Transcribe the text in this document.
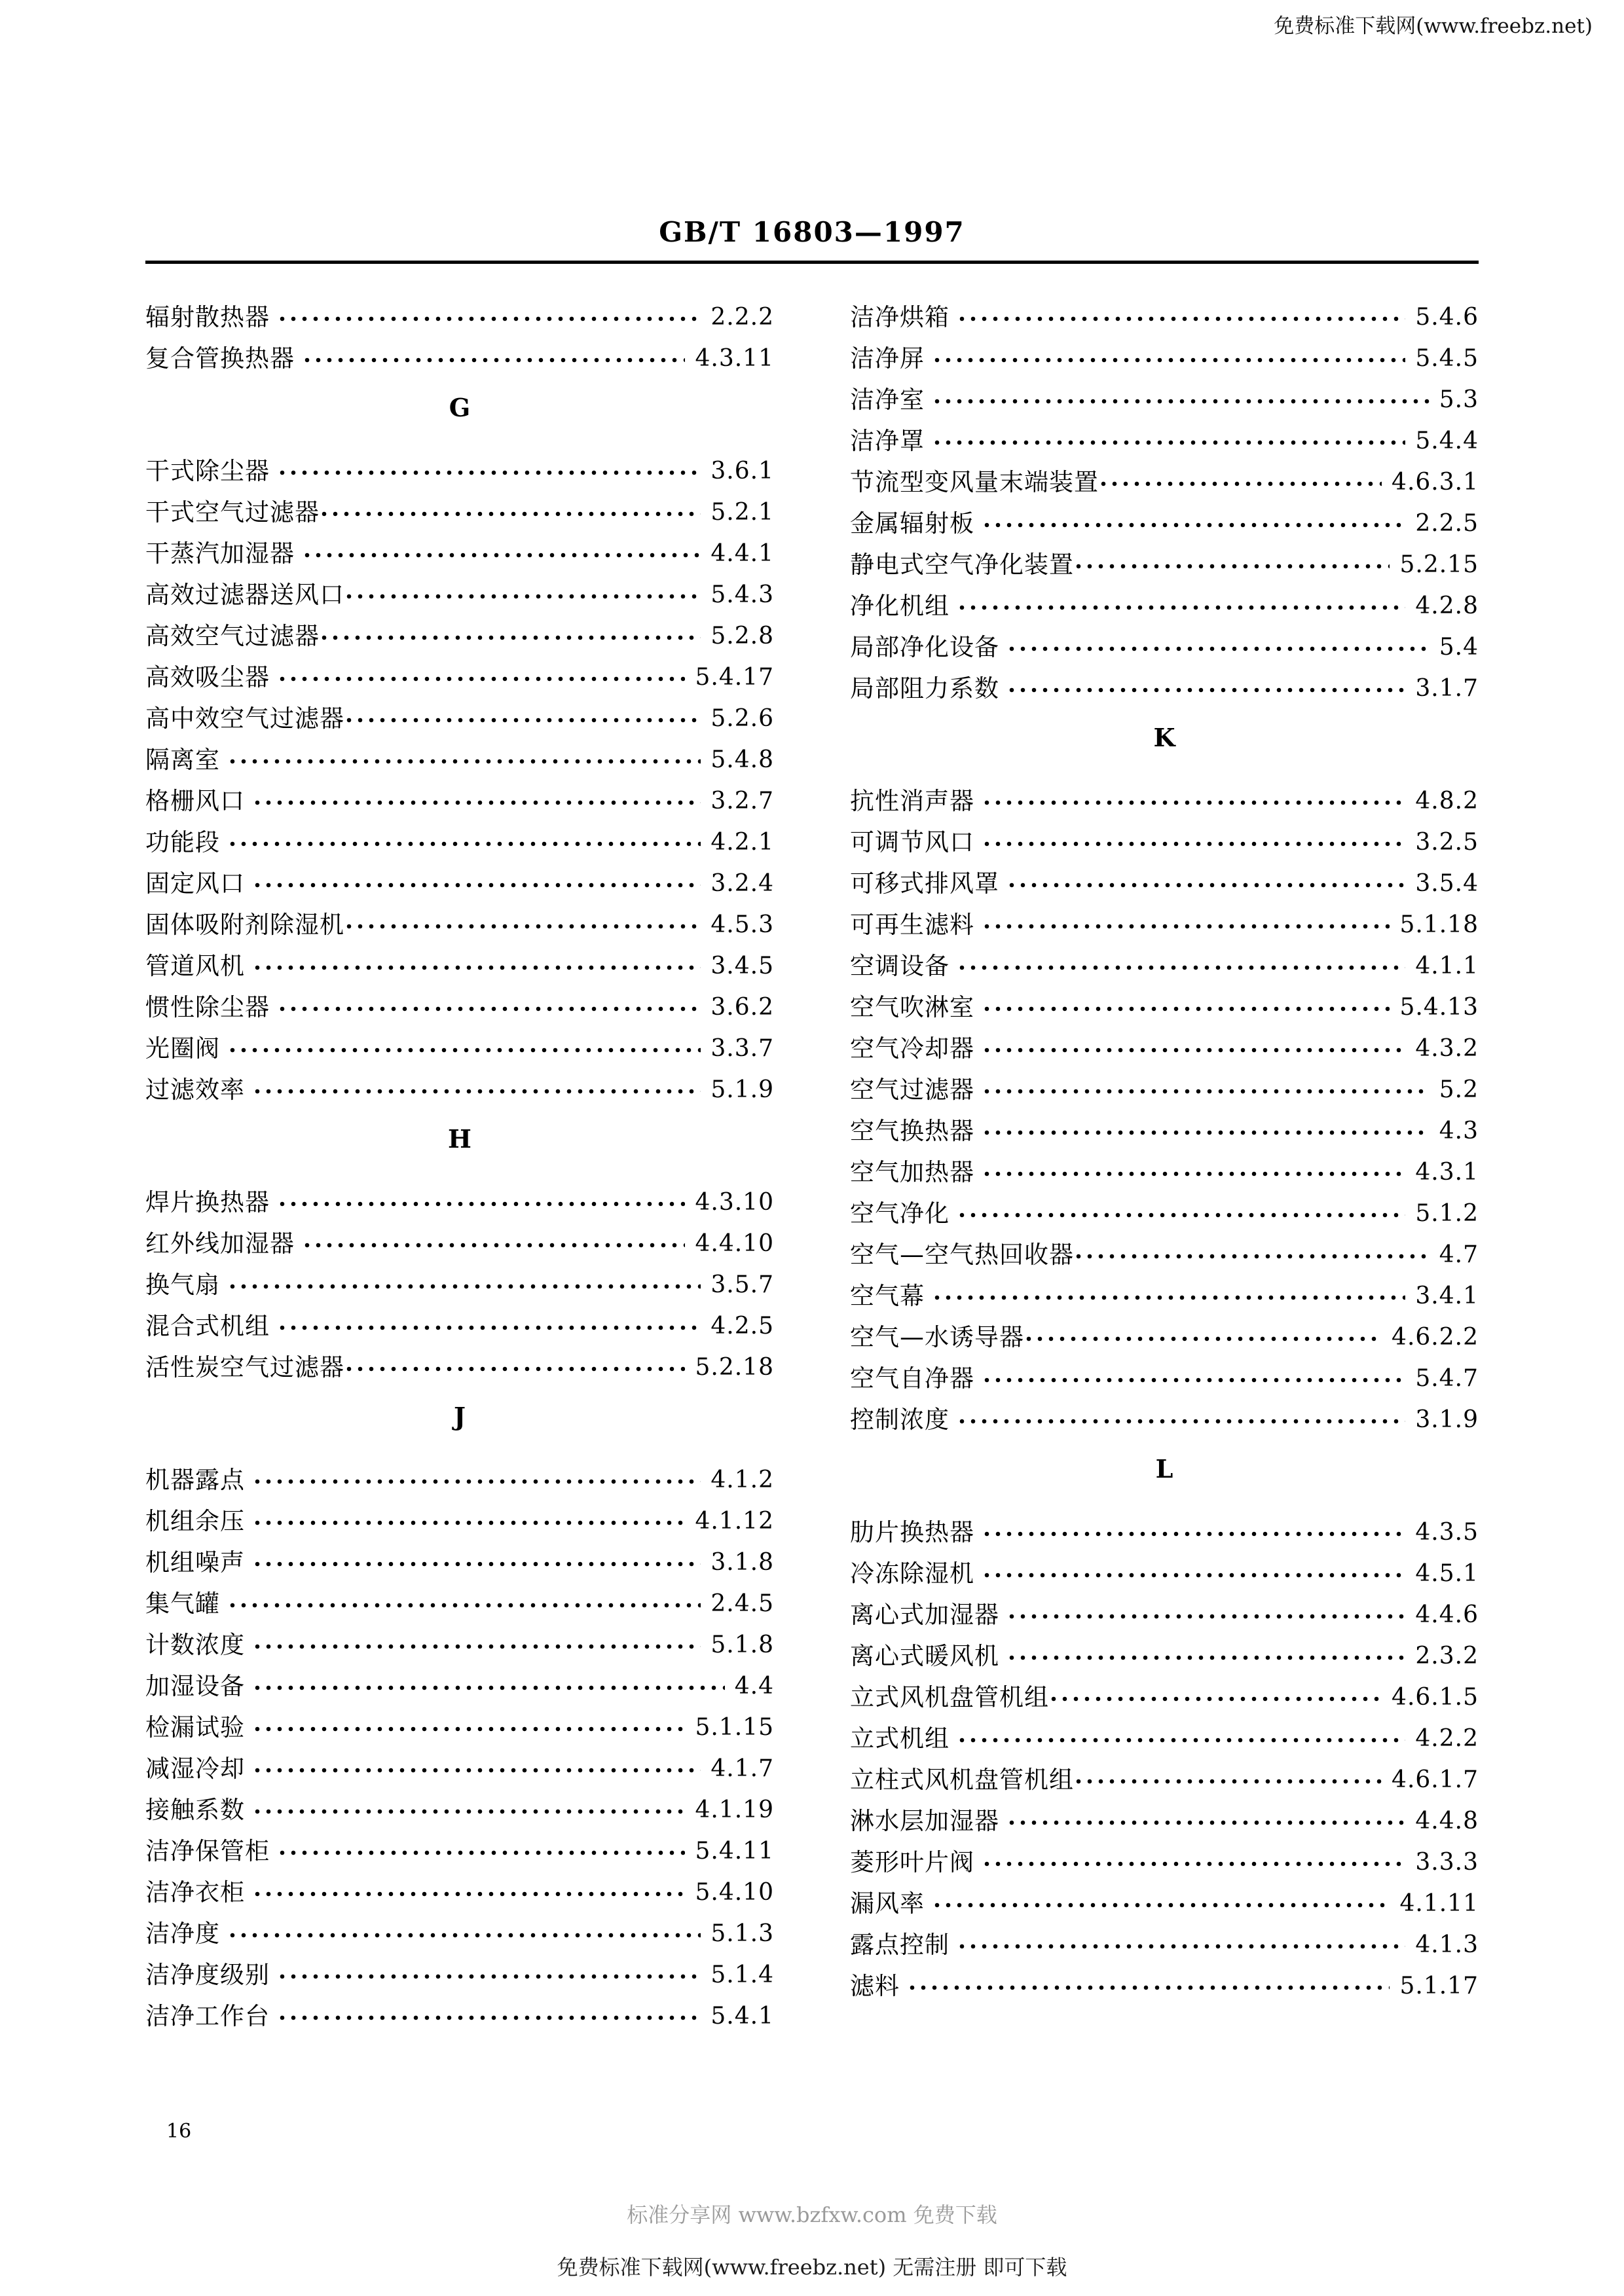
免费标准下载网(www.freebz.net)
GB/T 16803—1997
辐射散热器	2.2.2
复合管换热器	4.3.11
G
干式除尘器	3.6.1
干式空气过滤器	5.2.1
干蒸汽加湿器	4.4.1
高效过滤器送风口	5.4.3
高效空气过滤器	5.2.8
高效吸尘器	5.4.17
高中效空气过滤器	5.2.6
隔离室	5.4.8
格栅风口	3.2.7
功能段	4.2.1
固定风口	3.2.4
固体吸附剂除湿机	4.5.3
管道风机	3.4.5
惯性除尘器	3.6.2
光圈阀	3.3.7
过滤效率	5.1.9
H
焊片换热器	4.3.10
红外线加湿器	4.4.10
换气扇	3.5.7
混合式机组	4.2.5
活性炭空气过滤器	5.2.18
J
机器露点	4.1.2
机组余压	4.1.12
机组噪声	3.1.8
集气罐	2.4.5
计数浓度	5.1.8
加湿设备	4.4
检漏试验	5.1.15
减湿冷却	4.1.7
接触系数	4.1.19
洁净保管柜	5.4.11
洁净衣柜	5.4.10
洁净度	5.1.3
洁净度级别	5.1.4
洁净工作台	5.4.1
洁净烘箱	5.4.6
洁净屏	5.4.5
洁净室	5.3
洁净罩	5.4.4
节流型变风量末端装置	4.6.3.1
金属辐射板	2.2.5
静电式空气净化装置	5.2.15
净化机组	4.2.8
局部净化设备	5.4
局部阻力系数	3.1.7
K
抗性消声器	4.8.2
可调节风口	3.2.5
可移式排风罩	3.5.4
可再生滤料	5.1.18
空调设备	4.1.1
空气吹淋室	5.4.13
空气冷却器	4.3.2
空气过滤器	5.2
空气换热器	4.3
空气加热器	4.3.1
空气净化	5.1.2
空气—空气热回收器	4.7
空气幕	3.4.1
空气—水诱导器	4.6.2.2
空气自净器	5.4.7
控制浓度	3.1.9
L
肋片换热器	4.3.5
冷冻除湿机	4.5.1
离心式加湿器	4.4.6
离心式暖风机	2.3.2
立式风机盘管机组	4.6.1.5
立式机组	4.2.2
立柱式风机盘管机组	4.6.1.7
淋水层加湿器	4.4.8
菱形叶片阀	3.3.3
漏风率	4.1.11
露点控制	4.1.3
滤料	5.1.17
16
标准分享网 www.bzfxw.com 免费下载
免费标准下载网(www.freebz.net) 无需注册 即可下载
